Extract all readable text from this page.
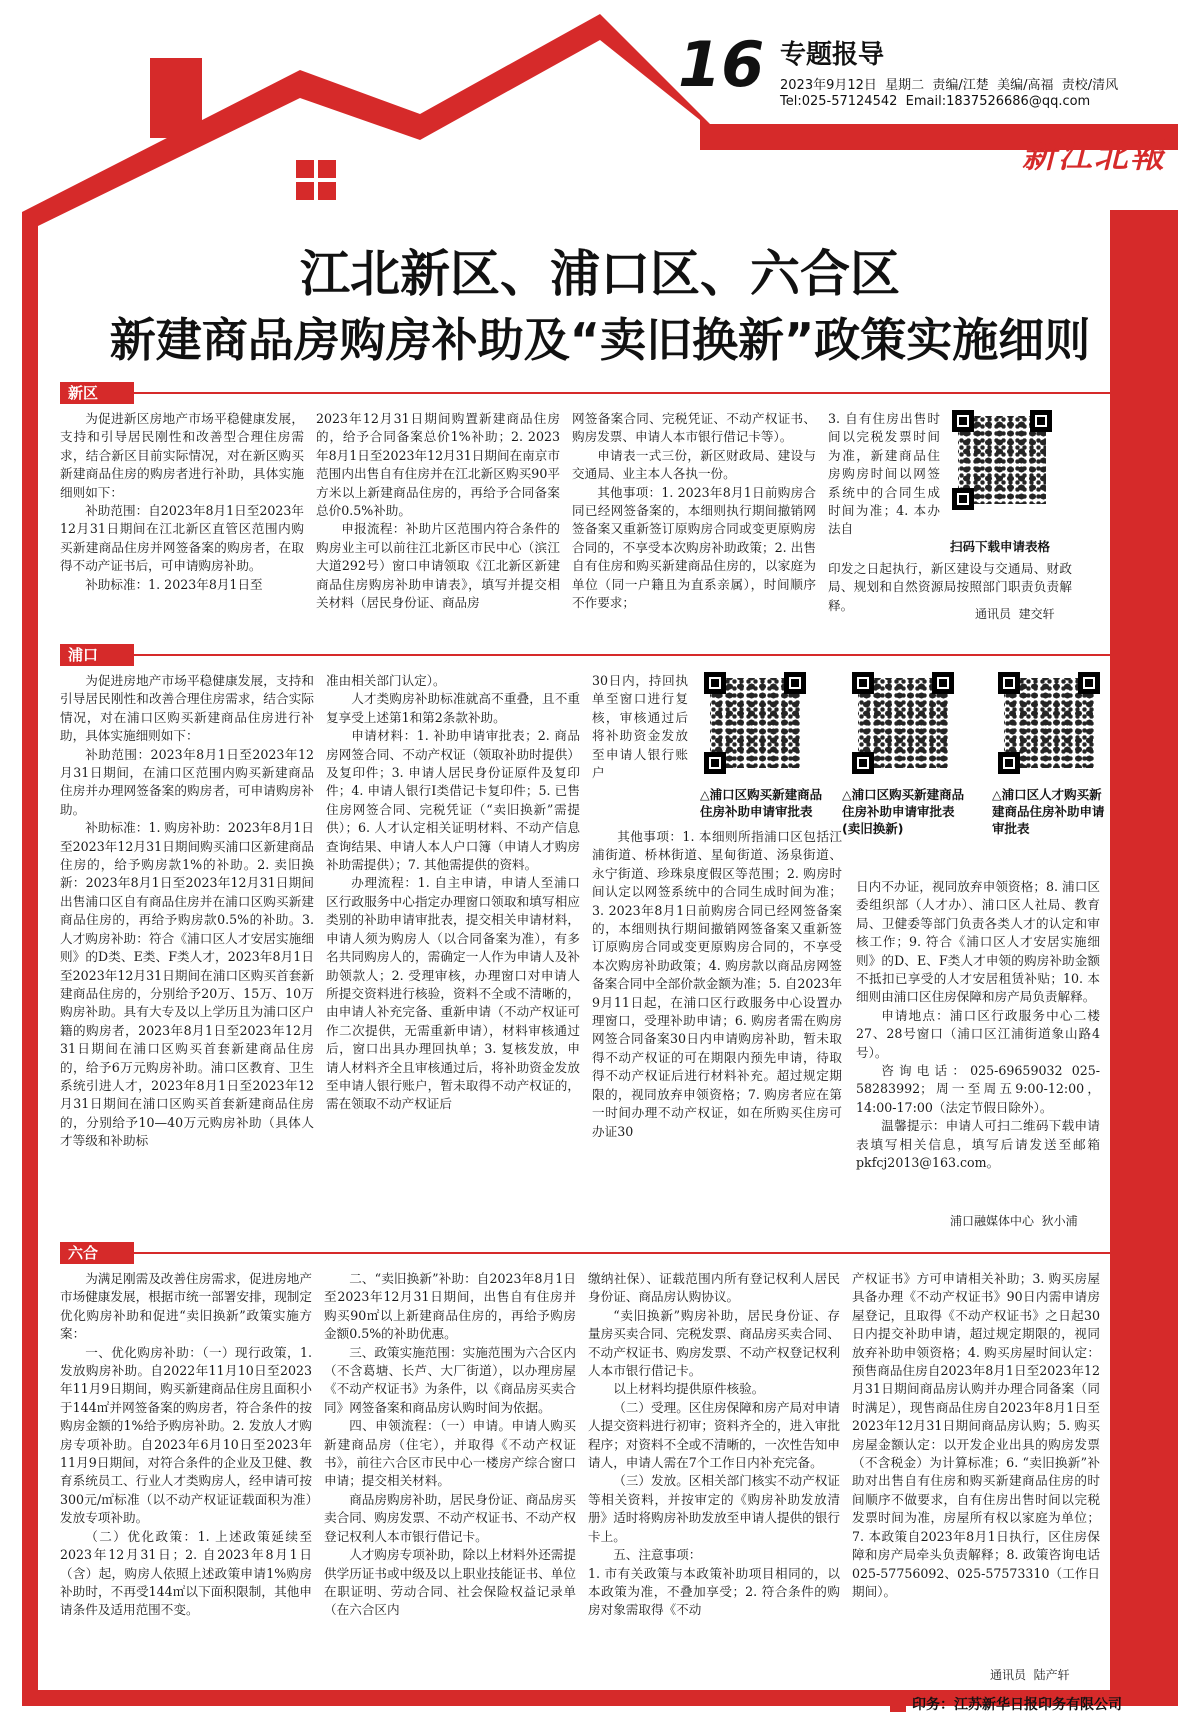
16 专题报导
2023年9月12日  星期二  责编/江楚  美编/高福  责校/清风
Tel:025-57124542  Email:1837526686@qq.com
新江北報
江北新区、浦口区、六合区
新建商品房购房补助及“卖旧换新”政策实施细则
新区

为促进新区房地产市场平稳健康发展，支持和引导居民刚性和改善型合理住房需求，结合新区目前实际情况，对在新区购买新建商品住房的购房者进行补助，具体实施细则如下：

补助范围：自2023年8月1日至2023年12月31日期间在江北新区直管区范围内购买新建商品住房并网签备案的购房者，在取得不动产证书后，可申请购房补助。

补助标准：1. 2023年8月1日至

2023年12月31日期间购置新建商品住房的，给予合同备案总价1%补助；2. 2023年8月1日至2023年12月31日期间在南京市范围内出售自有住房并在江北新区购买90平方米以上新建商品住房的，再给予合同备案总价0.5%补助。

申报流程：补助片区范围内符合条件的购房业主可以前往江北新区市民中心（滨江大道292号）窗口申请领取《江北新区新建商品住房购房补助申请表》，填写并提交相关材料（居民身份证、商品房

网签备案合同、完税凭证、不动产权证书、购房发票、申请人本市银行借记卡等）。

申请表一式三份，新区财政局、建设与交通局、业主本人各执一份。

其他事项：1. 2023年8月1日前购房合同已经网签备案的，本细则执行期间撤销网签备案又重新签订原购房合同或变更原购房合同的，不享受本次购房补助政策；2. 出售自有住房和购买新建商品住房的，以家庭为单位（同一户籍且为直系亲属），时间顺序不作要求；

3. 自有住房出售时间以完税发票时间为准，新建商品住房购房时间以网签系统中的合同生成时间为准；4. 本办法自

扫码下载申请表格

印发之日起执行，新区建设与交通局、财政局、规划和自然资源局按照部门职责负责解释。

通讯员  建交轩
浦口

为促进房地产市场平稳健康发展，支持和引导居民刚性和改善合理住房需求，结合实际情况，对在浦口区购买新建商品住房进行补助，具体实施细则如下：

补助范围：2023年8月1日至2023年12月31日期间，在浦口区范围内购买新建商品住房并办理网签备案的购房者，可申请购房补助。

补助标准：1. 购房补助：2023年8月1日至2023年12月31日期间购买浦口区新建商品住房的，给予购房款1%的补助。2. 卖旧换新：2023年8月1日至2023年12月31日期间出售浦口区自有商品住房并在浦口区购买新建商品住房的，再给予购房款0.5%的补助。3. 人才购房补助：符合《浦口区人才安居实施细则》的D类、E类、F类人才，2023年8月1日至2023年12月31日期间在浦口区购买首套新建商品住房的，分别给予20万、15万、10万购房补助。具有大专及以上学历且为浦口区户籍的购房者，2023年8月1日至2023年12月31日期间在浦口区购买首套新建商品住房的，给予6万元购房补助。浦口区教育、卫生系统引进人才，2023年8月1日至2023年12月31日期间在浦口区购买首套新建商品住房的，分别给予10—40万元购房补助（具体人才等级和补助标

准由相关部门认定）。

人才类购房补助标准就高不重叠，且不重复享受上述第1和第2条款补助。

申请材料：1. 补助申请审批表；2. 商品房网签合同、不动产权证（领取补助时提供）及复印件；3. 申请人居民身份证原件及复印件；4. 申请人银行I类借记卡复印件；5. 已售住房网签合同、完税凭证（“卖旧换新”需提供）；6. 人才认定相关证明材料、不动产信息查询结果、申请人本人户口簿（申请人才购房补助需提供）；7. 其他需提供的资料。

办理流程：1. 自主申请，申请人至浦口区行政服务中心指定办理窗口领取和填写相应类别的补助申请审批表，提交相关申请材料，申请人须为购房人（以合同备案为准），有多名共同购房人的，需确定一人作为申请人及补助领款人；2. 受理审核，办理窗口对申请人所提交资料进行核验，资料不全或不清晰的，由申请人补充完备、重新申请（不动产权证可作二次提供，无需重新申请），材料审核通过后，窗口出具办理回执单；3. 复核发放，申请人材料齐全且审核通过后，将补助资金发放至申请人银行账户，暂未取得不动产权证的，需在领取不动产权证后

30日内，持回执单至窗口进行复核，审核通过后将补助资金发放至申请人银行账户

△浦口区购买新建商品住房补助申请审批表
△浦口区购买新建商品住房补助申请审批表(卖旧换新)
△浦口区人才购买新建商品住房补助申请审批表

其他事项：1. 本细则所指浦口区包括江浦街道、桥林街道、星甸街道、汤泉街道、永宁街道、珍珠泉度假区等范围；2. 购房时间认定以网签系统中的合同生成时间为准；3. 2023年8月1日前购房合同已经网签备案的，本细则执行期间撤销网签备案又重新签订原购房合同或变更原购房合同的，不享受本次购房补助政策；4. 购房款以商品房网签备案合同中全部价款金额为准；5. 自2023年9月11日起，在浦口区行政服务中心设置办理窗口，受理补助申请；6. 购房者需在购房网签合同备案30日内申请购房补助，暂未取得不动产权证的可在期限内预先申请，待取得不动产权证后进行材料补充。超过规定期限的，视同放弃申领资格；7. 购房者应在第一时间办理不动产权证，如在所购买住房可办证30

日内不办证，视同放弃申领资格；8. 浦口区委组织部（人才办）、浦口区人社局、教育局、卫健委等部门负责各类人才的认定和审核工作；9. 符合《浦口区人才安居实施细则》的D、E、F类人才申领的购房补助金额不抵扣已享受的人才安居租赁补贴；10. 本细则由浦口区住房保障和房产局负责解释。

申请地点：浦口区行政服务中心二楼27、28号窗口（浦口区江浦街道象山路4号）。

咨询电话：025-69659032 025-58283992；周一至周五9:00-12:00，14:00-17:00（法定节假日除外）。

温馨提示：申请人可扫二维码下载申请表填写相关信息，填写后请发送至邮箱pkfcj2013@163.com。

浦口融媒体中心  狄小浦
六合

为满足刚需及改善住房需求，促进房地产市场健康发展，根据市统一部署安排，现制定优化购房补助和促进“卖旧换新”政策实施方案：

一、优化购房补助：（一）现行政策，1. 发放购房补助。自2022年11月10日至2023年11月9日期间，购买新建商品住房且面积小于144㎡并网签备案的购房者，符合条件的按购房金额的1%给予购房补助。2. 发放人才购房专项补助。自2023年6月10日至2023年11月9日期间，对符合条件的企业及卫健、教育系统员工、行业人才类购房人，经申请可按300元/㎡标准（以不动产权证证载面积为准）发放专项补助。

（二）优化政策：1. 上述政策延续至2023年12月31日；2. 自2023年8月1日（含）起，购房人依照上述政策申请1%购房补助时，不再受144㎡以下面积限制，其他申请条件及适用范围不变。

二、“卖旧换新”补助：自2023年8月1日至2023年12月31日期间，出售自有住房并购买90㎡以上新建商品住房的，再给予购房金额0.5%的补助优惠。

三、政策实施范围：实施范围为六合区内（不含葛塘、长芦、大厂街道），以办理房屋《不动产权证书》为条件，以《商品房买卖合同》网签备案和商品房认购时间为依据。

四、申领流程：（一）申请。申请人购买新建商品房（住宅），并取得《不动产权证书》，前往六合区市民中心一楼房产综合窗口申请；提交相关材料。

商品房购房补助，居民身份证、商品房买卖合同、购房发票、不动产权证书、不动产权登记权利人本市银行借记卡。

人才购房专项补助，除以上材料外还需提供学历证书或中级及以上职业技能证书、单位在职证明、劳动合同、社会保险权益记录单（在六合区内

缴纳社保）、证载范围内所有登记权利人居民身份证、商品房认购协议。

“卖旧换新”购房补助，居民身份证、存量房买卖合同、完税发票、商品房买卖合同、不动产权证书、购房发票、不动产权登记权利人本市银行借记卡。

以上材料均提供原件核验。

（二）受理。区住房保障和房产局对申请人提交资料进行初审；资料齐全的，进入审批程序；对资料不全或不清晰的，一次性告知申请人，申请人需在7个工作日内补充完备。

（三）发放。区相关部门核实不动产权证等相关资料，并按审定的《购房补助发放清册》适时将购房补助发放至申请人提供的银行卡上。

五、注意事项：

1. 市有关政策与本政策补助项目相同的，以本政策为准，不叠加享受；2. 符合条件的购房对象需取得《不动

产权证书》方可申请相关补助；3. 购买房屋具备办理《不动产权证书》90日内需申请房屋登记，且取得《不动产权证书》之日起30日内提交补助申请，超过规定期限的，视同放弃补助申领资格；4. 购买房屋时间认定：预售商品住房自2023年8月1日至2023年12月31日期间商品房认购并办理合同备案（同时满足），现售商品住房自2023年8月1日至2023年12月31日期间商品房认购；5. 购买房屋金额认定：以开发企业出具的购房发票（不含税金）为计算标准；6. “卖旧换新”补助对出售自有住房和购买新建商品住房的时间顺序不做要求，自有住房出售时间以完税发票时间为准，房屋所有权以家庭为单位；7. 本政策自2023年8月1日执行，区住房保障和房产局牵头负责解释；8. 政策咨询电话025-57756092、025-57573310（工作日期间）。

通讯员  陆产轩
印务：江苏新华日报印务有限公司
